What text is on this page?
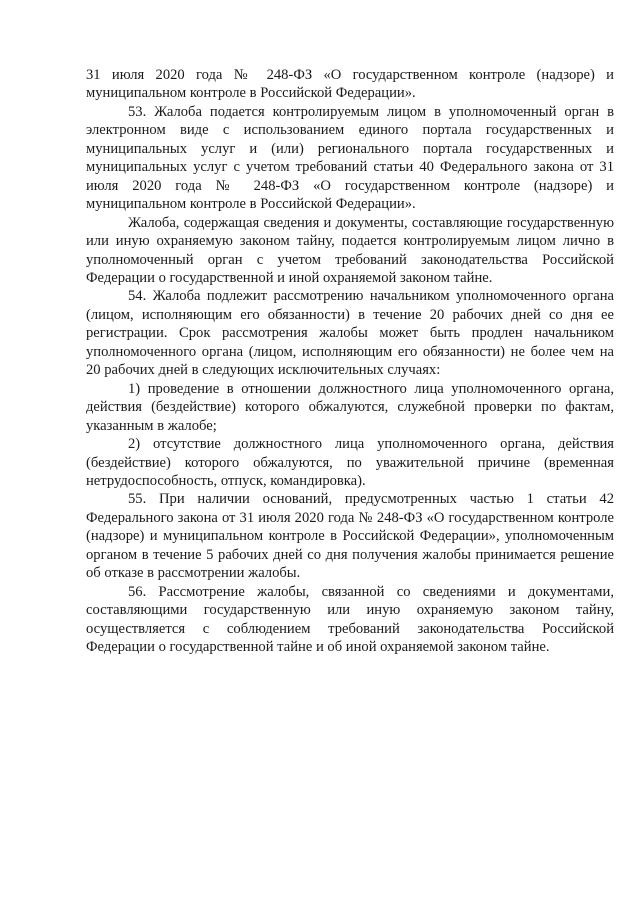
31 июля 2020 года № 248-ФЗ «О государственном контроле (надзоре) и муниципальном контроле в Российской Федерации».

53. Жалоба подается контролируемым лицом в уполномоченный орган в электронном виде с использованием единого портала государственных и муниципальных услуг и (или) регионального портала государственных и муниципальных услуг с учетом требований статьи 40 Федерального закона от 31 июля 2020 года № 248-ФЗ «О государственном контроле (надзоре) и муниципальном контроле в Российской Федерации».

Жалоба, содержащая сведения и документы, составляющие государственную или иную охраняемую законом тайну, подается контролируемым лицом лично в уполномоченный орган с учетом требований законодательства Российской Федерации о государственной и иной охраняемой законом тайне.

54. Жалоба подлежит рассмотрению начальником уполномоченного органа (лицом, исполняющим его обязанности) в течение 20 рабочих дней со дня ее регистрации. Срок рассмотрения жалобы может быть продлен начальником уполномоченного органа (лицом, исполняющим его обязанности) не более чем на 20 рабочих дней в следующих исключительных случаях:

1) проведение в отношении должностного лица уполномоченного органа, действия (бездействие) которого обжалуются, служебной проверки по фактам, указанным в жалобе;

2) отсутствие должностного лица уполномоченного органа, действия (бездействие) которого обжалуются, по уважительной причине (временная нетрудоспособность, отпуск, командировка).

55. При наличии оснований, предусмотренных частью 1 статьи 42 Федерального закона от 31 июля 2020 года № 248-ФЗ «О государственном контроле (надзоре) и муниципальном контроле в Российской Федерации», уполномоченным органом в течение 5 рабочих дней со дня получения жалобы принимается решение об отказе в рассмотрении жалобы.

56. Рассмотрение жалобы, связанной со сведениями и документами, составляющими государственную или иную охраняемую законом тайну, осуществляется с соблюдением требований законодательства Российской Федерации о государственной тайне и об иной охраняемой законом тайне.
